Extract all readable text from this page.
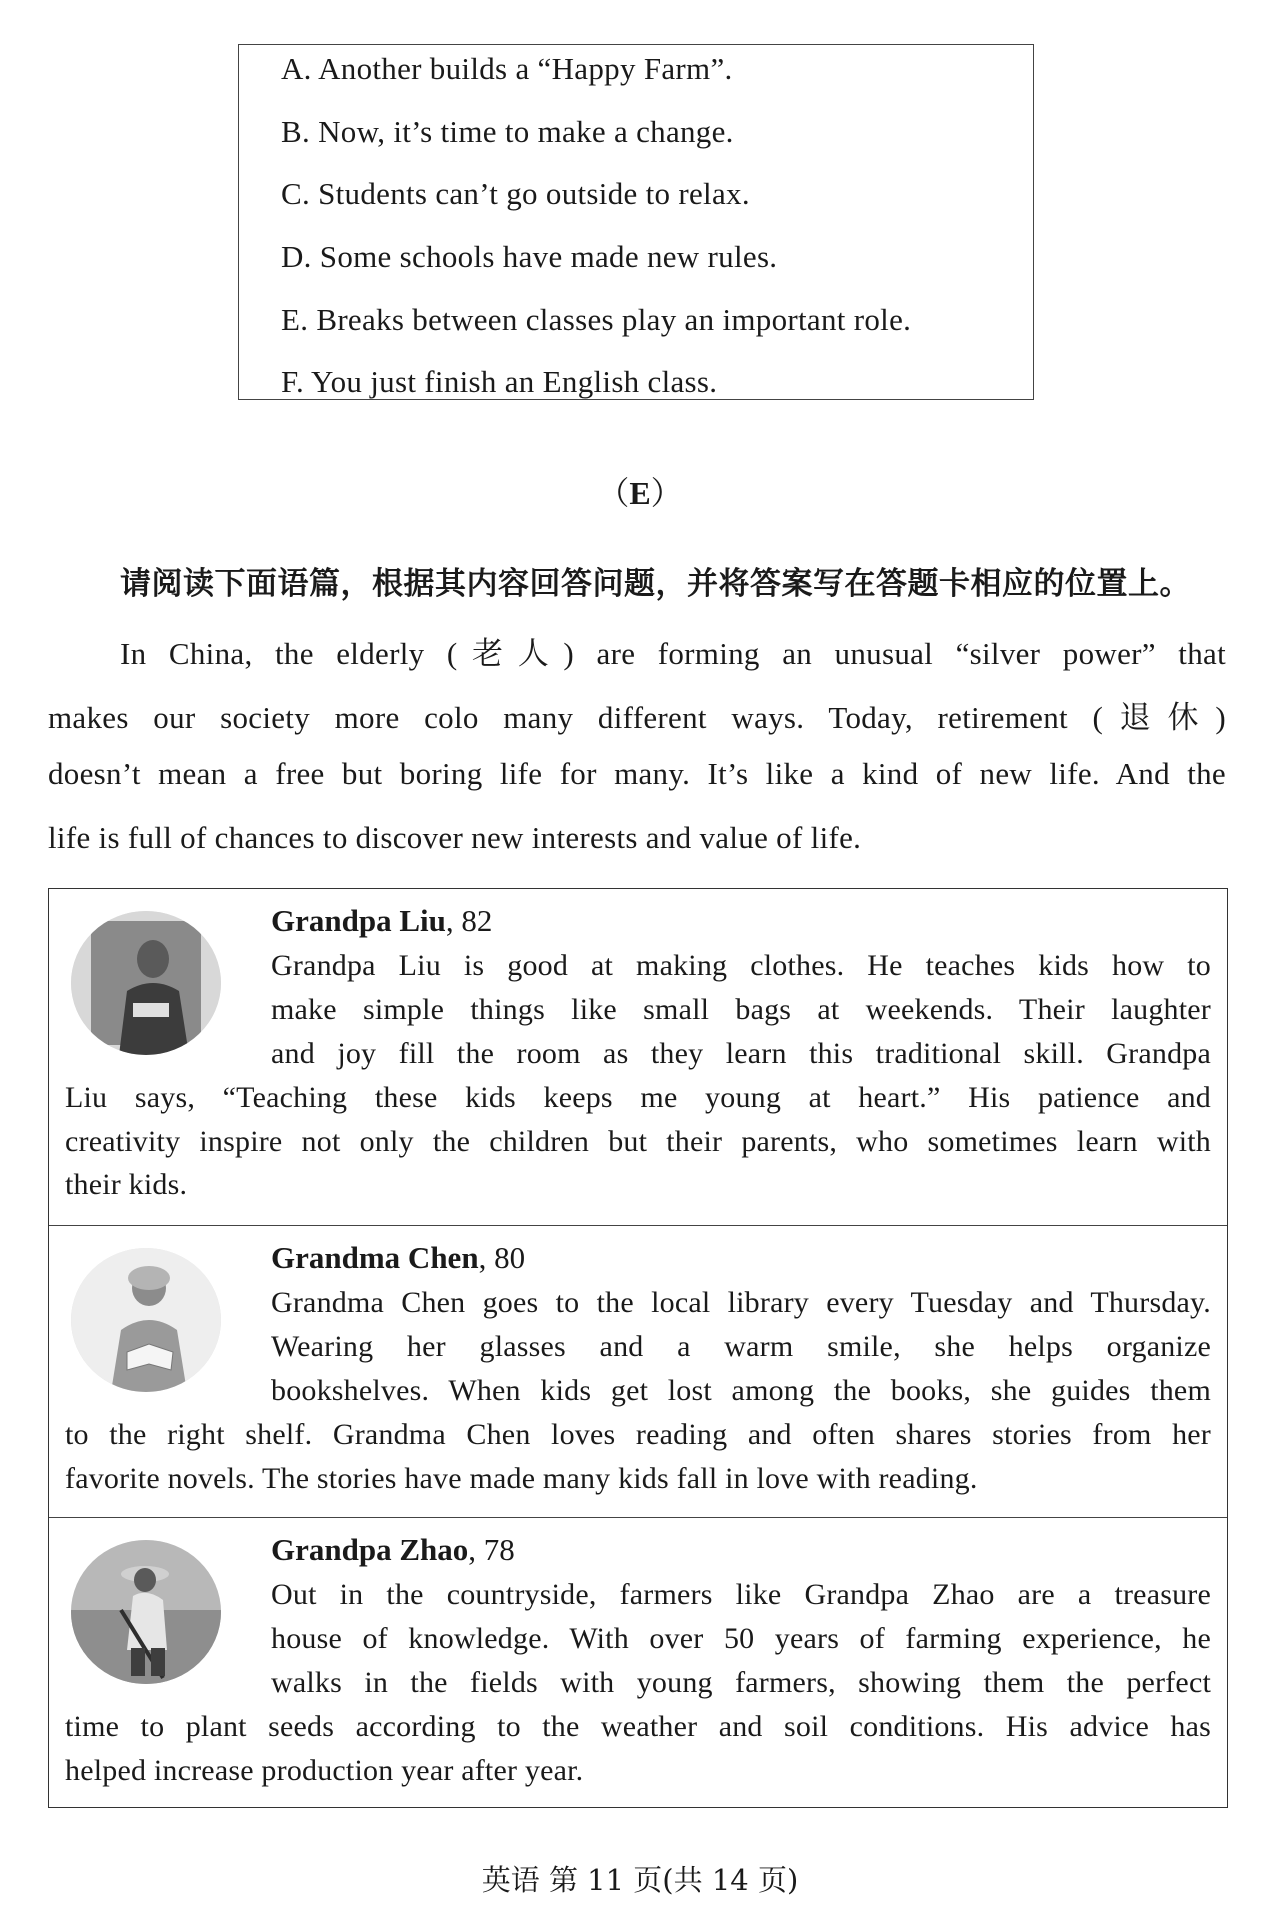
A. Another builds a “Happy Farm”.
B. Now, it’s time to make a change.
C. Students can’t go outside to relax.
D. Some schools have made new rules.
E. Breaks between classes play an important role.
F. You just finish an English class.
（E）
请阅读下面语篇，根据其内容回答问题，并将答案写在答题卡相应的位置上。
In China, the elderly (老人) are forming an unusual “silver power” that
makes our society more colo many different ways. Today, retirement (退休)
doesn’t mean a free but boring life for many. It’s like a kind of new life. And the
life is full of chances to discover new interests and value of life.
Grandpa Liu, 82
Grandpa Liu is good at making clothes. He teaches kids how to
make simple things like small bags at weekends. Their laughter
and joy fill the room as they learn this traditional skill. Grandpa
Liu says, “Teaching these kids keeps me young at heart.” His patience and
creativity inspire not only the children but their parents, who sometimes learn with
their kids.
Grandma Chen, 80
Grandma Chen goes to the local library every Tuesday and Thursday.
Wearing her glasses and a warm smile, she helps organize
bookshelves. When kids get lost among the books, she guides them
to the right shelf. Grandma Chen loves reading and often shares stories from her
favorite novels. The stories have made many kids fall in love with reading.
Grandpa Zhao, 78
Out in the countryside, farmers like Grandpa Zhao are a treasure
house of knowledge. With over 50 years of farming experience, he
walks in the fields with young farmers, showing them the perfect
time to plant seeds according to the weather and soil conditions. His advice has
helped increase production year after year.
英语 第 11 页(共 14 页)
